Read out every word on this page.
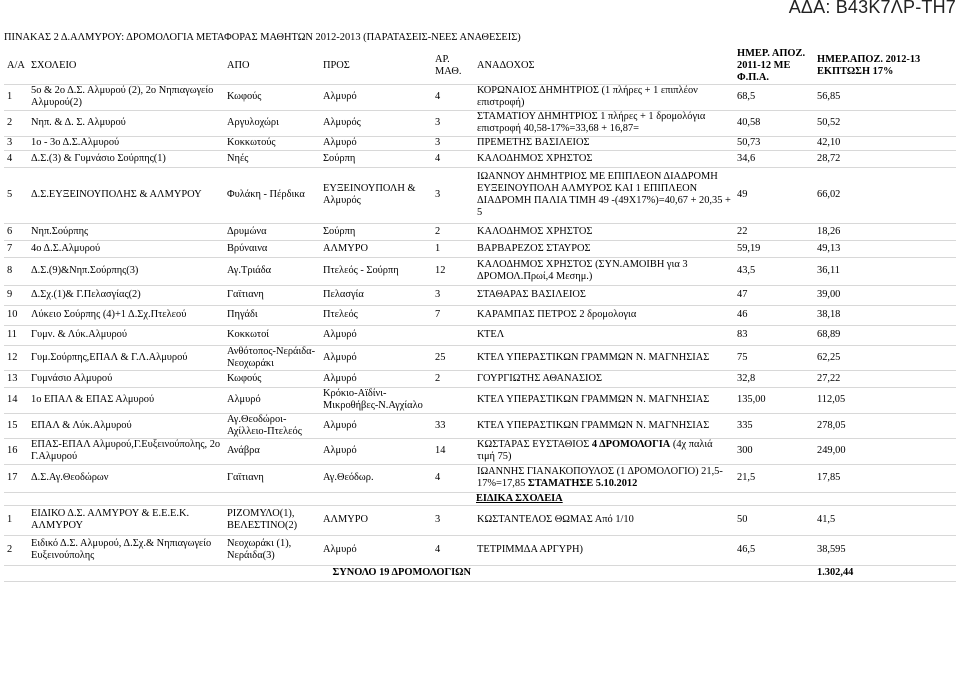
ΑΔΑ: Β43Κ7ΛΡ-ΤΗ7
ΠΙΝΑΚΑΣ 2 Δ.ΑΛΜΥΡΟΥ: ΔΡΟΜΟΛΟΓΙΑ ΜΕΤΑΦΟΡΑΣ ΜΑΘΗΤΩΝ 2012-2013 (ΠΑΡΑΤΑΣΕΙΣ-ΝΕΕΣ ΑΝΑΘΕΣΕΙΣ)
Α/Α	ΣΧΟΛΕΙΟ	ΑΠΟ	ΠΡΟΣ	ΑΡ. ΜΑΘ.	ΑΝΑΔΟΧΟΣ	ΗΜΕΡ. ΑΠΟΖ. 2011-12 ΜΕ Φ.Π.Α.	ΗΜΕΡ.ΑΠΟΖ. 2012-13 ΕΚΠΤΩΣΗ 17%
1	5ο & 2ο Δ.Σ. Αλμυρού (2), 2ο Νηπιαγωγείο Αλμυρού(2)	Κωφούς	Αλμυρό	4	ΚΟΡΩΝΑΙΟΣ ΔΗΜΗΤΡΙΟΣ (1 πλήρες + 1 επιπλέον επιστροφή)	68,5	56,85
2	Νηπ. & Δ. Σ. Αλμυρού	Αργυλοχώρι	Αλμυρός	3	ΣΤΑΜΑΤΙΟΥ ΔΗΜΗΤΡΙΟΣ 1 πλήρες + 1 δρομολόγια επιστροφή 40,58-17%=33,68 + 16,87=	40,58	50,52
3	1ο - 3ο Δ.Σ.Αλμυρού	Κοκκωτούς	Αλμυρό	3	ΠΡΕΜΕΤΗΣ ΒΑΣΙΛΕΙΟΣ	50,73	42,10
4	Δ.Σ.(3) & Γυμνάσιο Σούρπης(1)	Νηές	Σούρπη	4	ΚΑΛΟΔΗΜΟΣ ΧΡΗΣΤΟΣ	34,6	28,72
5	Δ.Σ.ΕΥΞΕΙΝΟΥΠΟΛΗΣ & ΑΛΜΥΡΟΥ	Φυλάκη - Πέρδικα	ΕΥΞΕΙΝΟΥΠΟΛΗ & Αλμυρός	3	ΙΩΑΝΝΟΥ ΔΗΜΗΤΡΙΟΣ ΜΕ ΕΠΙΠΛΕΟΝ ΔΙΑΔΡΟΜΗ ΕΥΞΕΙΝΟΥΠΟΛΗ ΑΛΜΥΡΟΣ ΚΑΙ 1 ΕΠΙΠΛΕΟΝ ΔΙΑΔΡΟΜΗ ΠΑΛΙΑ ΤΙΜΗ 49 -(49Χ17%)=40,67 + 20,35 + 5	49	66,02
6	Νηπ.Σούρπης	Δρυμώνα	Σούρπη	2	ΚΑΛΟΔΗΜΟΣ ΧΡΗΣΤΟΣ	22	18,26
7	4ο Δ.Σ.Αλμυρού	Βρύναινα	ΑΛΜΥΡΟ	1	ΒΑΡΒΑΡΕΖΟΣ ΣΤΑΥΡΟΣ	59,19	49,13
8	Δ.Σ.(9)&Νηπ.Σούρπης(3)	Αγ.Τριάδα	Πτελεός - Σούρπη	12	ΚΑΛΟΔΗΜΟΣ ΧΡΗΣΤΟΣ (ΣΥΝ.ΑΜΟΙΒΗ για 3 ΔΡΟΜΟΛ.Πρωί,4 Μεσημ.)	43,5	36,11
9	Δ.Σχ.(1)& Γ.Πελασγίας(2)	Γαϊτιανη	Πελασγία	3	ΣΤΑΘΑΡΑΣ ΒΑΣΙΛΕΙΟΣ	47	39,00
10	Λύκειο Σούρπης (4)+1 Δ.Σχ.Πτελεού	Πηγάδι	Πτελεός	7	ΚΑΡΑΜΠΑΣ ΠΕΤΡΟΣ 2 δρομολογια	46	38,18
11	Γυμν. & Λύκ.Αλμυρού	Κοκκωτοί	Αλμυρό		ΚΤΕΛ	83	68,89
12	Γυμ.Σούρπης,ΕΠΑΛ & Γ.Λ.Αλμυρού	Ανθότοπος-Νεράιδα-Νεοχωράκι	Αλμυρό	25	ΚΤΕΛ ΥΠΕΡΑΣΤΙΚΩΝ ΓΡΑΜΜΩΝ Ν. ΜΑΓΝΗΣΙΑΣ	75	62,25
13	Γυμνάσιο Αλμυρού	Κωφούς	Αλμυρό	2	ΓΟΥΡΓΙΩΤΗΣ ΑΘΑΝΑΣΙΟΣ	32,8	27,22
14	1ο ΕΠΑΛ & ΕΠΑΣ Αλμυρού	Αλμυρό	Κρόκιο-Αϊδίνι-Μικροθήβες-Ν.Αγχίαλο		ΚΤΕΛ ΥΠΕΡΑΣΤΙΚΩΝ ΓΡΑΜΜΩΝ Ν. ΜΑΓΝΗΣΙΑΣ	135,00	112,05
15	ΕΠΑΛ & Λύκ.Αλμυρού	Αγ.Θεοδώροι-Αχίλλειο-Πτελεός	Αλμυρό	33	ΚΤΕΛ ΥΠΕΡΑΣΤΙΚΩΝ ΓΡΑΜΜΩΝ Ν. ΜΑΓΝΗΣΙΑΣ	335	278,05
16	ΕΠΑΣ-ΕΠΑΛ Αλμυρού,Γ.Ευξεινούπολης, 2ο Γ.Αλμυρού	Ανάβρα	Αλμυρό	14	ΚΩΣΤΑΡΑΣ ΕΥΣΤΑΘΙΟΣ 4 ΔΡΟΜΟΛΟΓΙΑ (4χ παλιά τιμή 75)	300	249,00
17	Δ.Σ.Αγ.Θεοδώρων	Γαϊτιανη	Αγ.Θεόδωρ.	4	ΙΩΑΝΝΗΣ ΓΙΑΝΑΚΟΠΟΥΛΟΣ (1 ΔΡΟΜΟΛΟΓΙΟ) 21,5-17%=17,85 ΣΤΑΜΑΤΗΣΕ 5.10.2012	21,5	17,85
				ΕΙΔΙΚΑ ΣΧΟΛΕΙΑ			
1	ΕΙΔΙΚΟ Δ.Σ. ΑΛΜΥΡΟΥ & Ε.Ε.Ε.Κ. ΑΛΜΥΡΟΥ	ΡΙΖΟΜΥΛΟ(1), ΒΕΛΕΣΤΙΝΟ(2)	ΑΛΜΥΡΟ	3	ΚΩΣΤΑΝΤΕΛΟΣ ΘΩΜΑΣ Από 1/10	50	41,5
2	Ειδικό Δ.Σ. Αλμυρού, Δ.Σχ.& Νηπιαγωγείο Ευξεινούπολης	Νεοχωράκι (1), Νεράιδα(3)	Αλμυρό	4	ΤΕΤΡΙΜΜΔΑ ΑΡΓΥΡΗ)	46,5	38,595
		ΣΥΝΟΛΟ 19 ΔΡΟΜΟΛΟΓΙΩΝ					1.302,44
